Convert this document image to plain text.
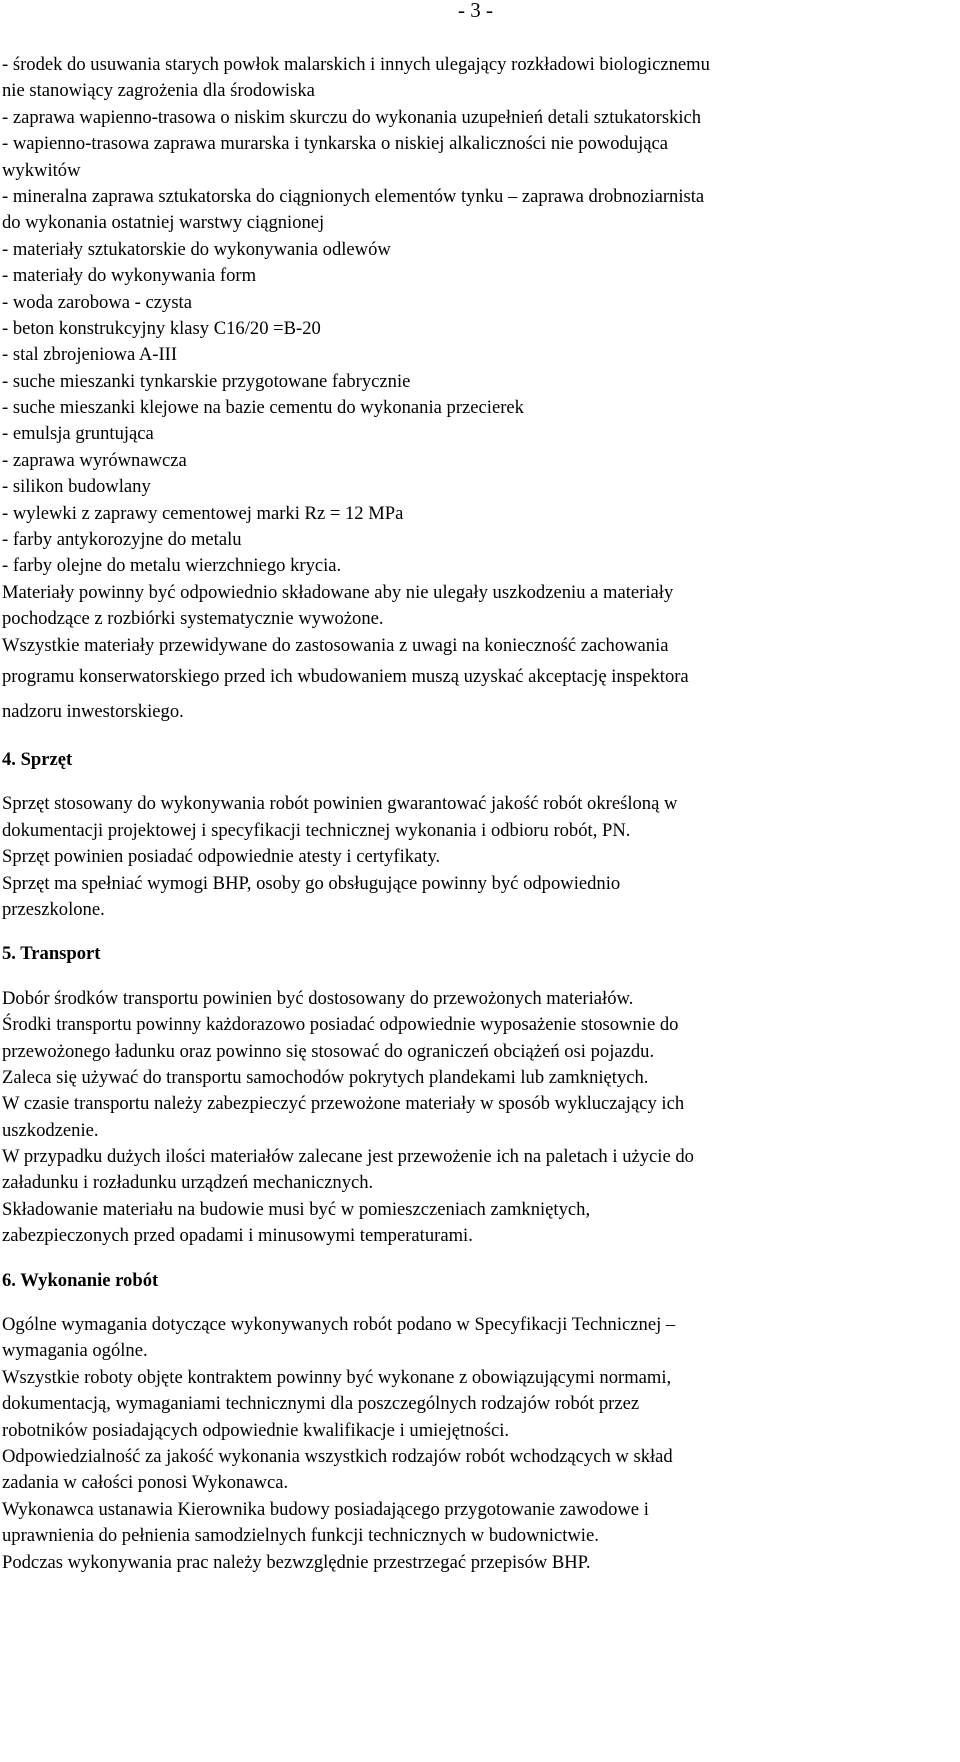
- 3 -
- środek do usuwania starych powłok malarskich i innych ulegający rozkładowi biologicznemu
nie stanowiący zagrożenia dla środowiska
- zaprawa wapienno-trasowa o niskim skurczu do wykonania uzupełnień detali sztukatorskich
- wapienno-trasowa zaprawa murarska i tynkarska o niskiej alkaliczności nie powodująca
wykwitów
- mineralna zaprawa sztukatorska do ciągnionych elementów tynku – zaprawa drobnoziarnista
do wykonania ostatniej warstwy ciągnionej
- materiały sztukatorskie do wykonywania odlewów
- materiały do wykonywania form
- woda zarobowa - czysta
- beton konstrukcyjny klasy C16/20 =B-20
- stal zbrojeniowa A-III
- suche mieszanki tynkarskie przygotowane fabrycznie
- suche mieszanki klejowe na bazie cementu do wykonania przecierek
- emulsja gruntująca
- zaprawa wyrównawcza
- silikon budowlany
- wylewki z zaprawy cementowej marki Rz = 12 MPa
- farby antykorozyjne do metalu
- farby olejne do metalu wierzchniego krycia.
Materiały powinny być odpowiednio składowane aby nie ulegały uszkodzeniu a materiały
pochodzące z rozbiórki systematycznie wywożone.
Wszystkie materiały przewidywane do zastosowania z uwagi na konieczność zachowania
programu konserwatorskiego przed ich wbudowaniem muszą uzyskać akceptację inspektora
nadzoru inwestorskiego.
4. Sprzęt
Sprzęt stosowany do wykonywania robót powinien gwarantować jakość robót określoną w
dokumentacji projektowej i specyfikacji technicznej wykonania i odbioru robót, PN.
Sprzęt powinien posiadać odpowiednie atesty i certyfikaty.
Sprzęt ma spełniać wymogi BHP, osoby go obsługujące powinny być odpowiednio
przeszkolone.
5. Transport
Dobór środków transportu powinien być dostosowany do przewożonych materiałów.
Środki transportu powinny każdorazowo posiadać odpowiednie wyposażenie stosownie do
przewożonego ładunku oraz powinno się stosować do ograniczeń obciążeń osi pojazdu.
Zaleca się używać do transportu samochodów pokrytych plandekami lub zamkniętych.
W czasie transportu należy zabezpieczyć przewożone materiały w sposób wykluczający ich
uszkodzenie.
W przypadku dużych ilości materiałów zalecane jest przewożenie ich na paletach i użycie do
załadunku i rozładunku urządzeń mechanicznych.
Składowanie materiału na budowie musi być w pomieszczeniach zamkniętych,
zabezpieczonych przed opadami i minusowymi temperaturami.
6. Wykonanie robót
Ogólne wymagania dotyczące wykonywanych robót podano w Specyfikacji Technicznej –
wymagania ogólne.
Wszystkie roboty objęte kontraktem powinny być wykonane z obowiązującymi normami,
dokumentacją, wymaganiami technicznymi dla poszczególnych rodzajów robót przez
robotników posiadających odpowiednie kwalifikacje i umiejętności.
Odpowiedzialność za jakość wykonania wszystkich rodzajów robót wchodzących w skład
zadania w całości ponosi Wykonawca.
Wykonawca ustanawia Kierownika budowy posiadającego przygotowanie zawodowe i
uprawnienia do pełnienia samodzielnych funkcji technicznych w budownictwie.
Podczas wykonywania prac należy bezwzględnie przestrzegać przepisów BHP.
